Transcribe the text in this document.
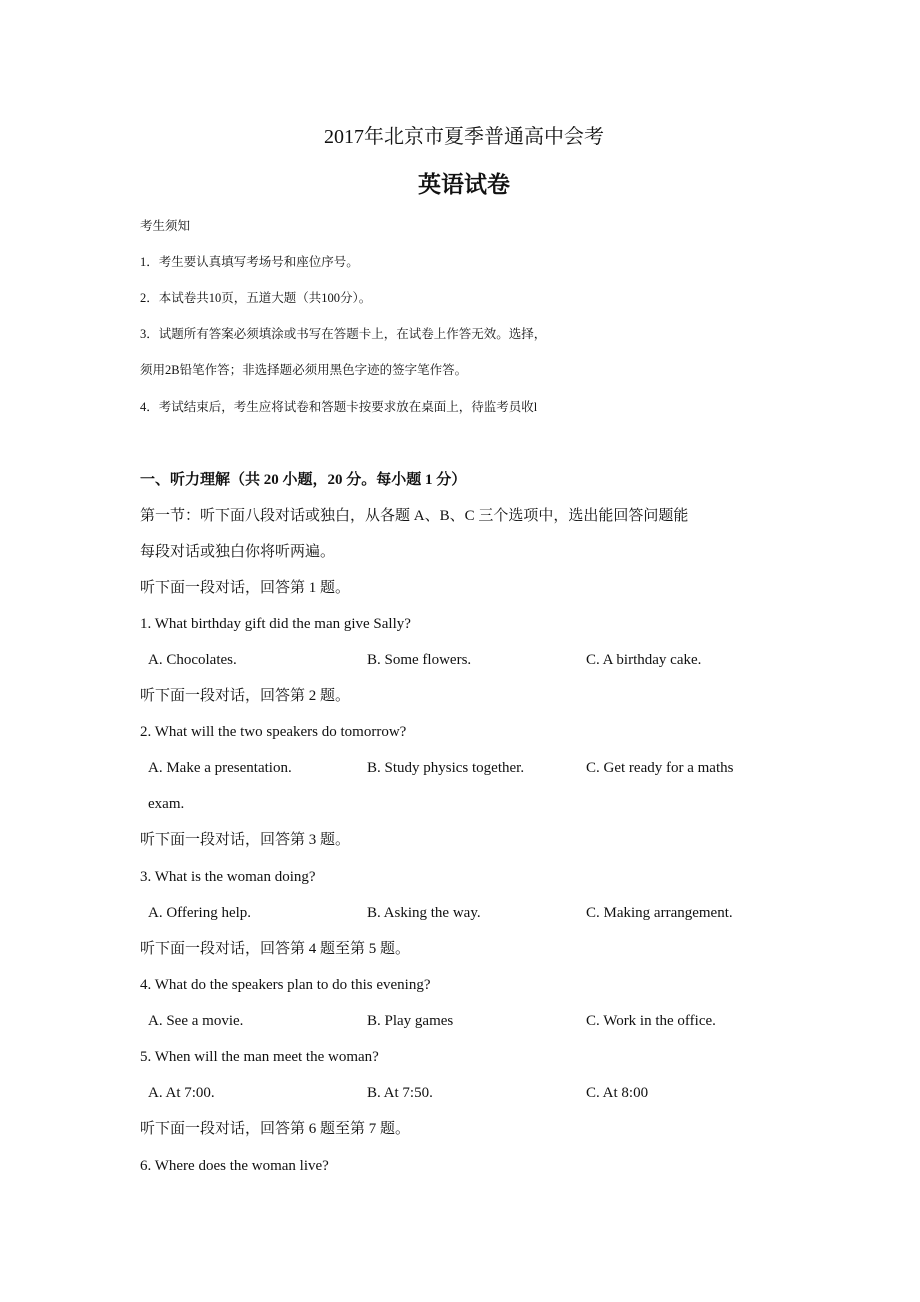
2017年北京市夏季普通高中会考
英语试卷
考生须知
1．考生要认真填写考场号和座位序号。
2．本试卷共10页，五道大题（共100分）。
3．试题所有答案必须填涂或书写在答题卡上，在试卷上作答无效。选择，
须用2B铅笔作答；非选择题必须用黑色字迹的签字笔作答。
4．考试结束后，考生应将试卷和答题卡按要求放在桌面上，待监考员收l
一、听力理解（共 20 小题，20 分。每小题 1 分）
第一节：听下面八段对话或独白，从各题 A、B、C 三个选项中，选出能回答问题能
每段对话或独白你将听两遍。
听下面一段对话，回答第 1 题。
1. What birthday gift did the man give Sally?
A. Chocolates.	B. Some flowers.	C. A birthday cake.
听下面一段对话，回答第 2 题。
2. What will the two speakers do tomorrow?
A. Make a presentation.	B. Study physics together.	C. Get ready for a maths
exam.
听下面一段对话，回答第 3 题。
3. What is the woman doing?
A. Offering help.	B. Asking the way.	C. Making arrangement.
听下面一段对话，回答第 4 题至第 5 题。
4. What do the speakers plan to do this evening?
A. See a movie.	B. Play games	C. Work in the office.
5. When will the man meet the woman?
A. At 7:00.	B. At 7:50.	C. At 8:00
听下面一段对话，回答第 6 题至第 7 题。
6. Where does the woman live?
